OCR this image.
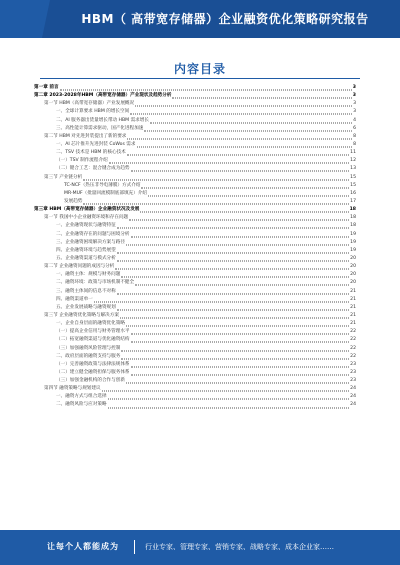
HBM（ 高带宽存储器）企业融资优化策略研究报告
内容目录
第一章 前言	3
第二章 2023-2028年HBM（高带宽存储器）产业现状及趋势分析	3
第一节 HBM（高带宽存储器）产业发展概况	3
一、全球计算要求 HBM 的增长空间	3
二、AI 服务器出货量增长带动 HBM 需求增长	4
三、高性能计算需求驱动，国产化进程加速	6
第二节 HBM 对先进封装提出了新的要求	8
一、AI 芯片推升先进封装 CoWos 需求	8
二、TSV 技术是 HBM 的核心技术	11
（一）TSV 制作流程介绍	12
（二）键合工艺：混合键合成为趋势	13
第三节 产业链分析	15
TC-NCF（热压非导电薄膜）方式介绍	15
MR-MUF（批量回流模制底部填充）介绍	16
发展趋势	17
第三章 HBM（高带宽存储器）企业融资状况及发展	18
第一节 我国中小企业融资环境和存在问题	18
一、企业融资现状与融资特征	18
二、企业融资存在的问题与困境分析	19
三、企业融资困境解决方案与路径	19
四、企业融资环境与趋势展望	19
五、企业融资渠道与模式分析	20
第二节 企业融资问题的成因与分析	20
一、融资主体：规模与财务问题	20
二、融资环境：政策与市场机制不健全	20
三、融资主体间的信息不对称	21
四、融资渠道单一	21
五、企业发展战略与融资规划	21
第三节 企业融资优化策略与解决方案	21
一、企业自身层面的融资优化策略	21
（一）提高企业信用与财务管理水平	22
（二）拓宽融资渠道与优化融资结构	22
（三）加强融资风险管理与控制	22
二、政府层面的融资支持与服务	22
（一）完善融资政策与法律法规体系	23
（二）建立健全融资担保与服务体系	23
（三）加强金融机构的合作与创新	23
第四节 融资策略与规划建议	24
一、融资方式与组合选择	24
二、融资风险与应对策略	24
让每个人都能成为	行业专家、管理专家、营销专家、战略专家、成本企业家……
